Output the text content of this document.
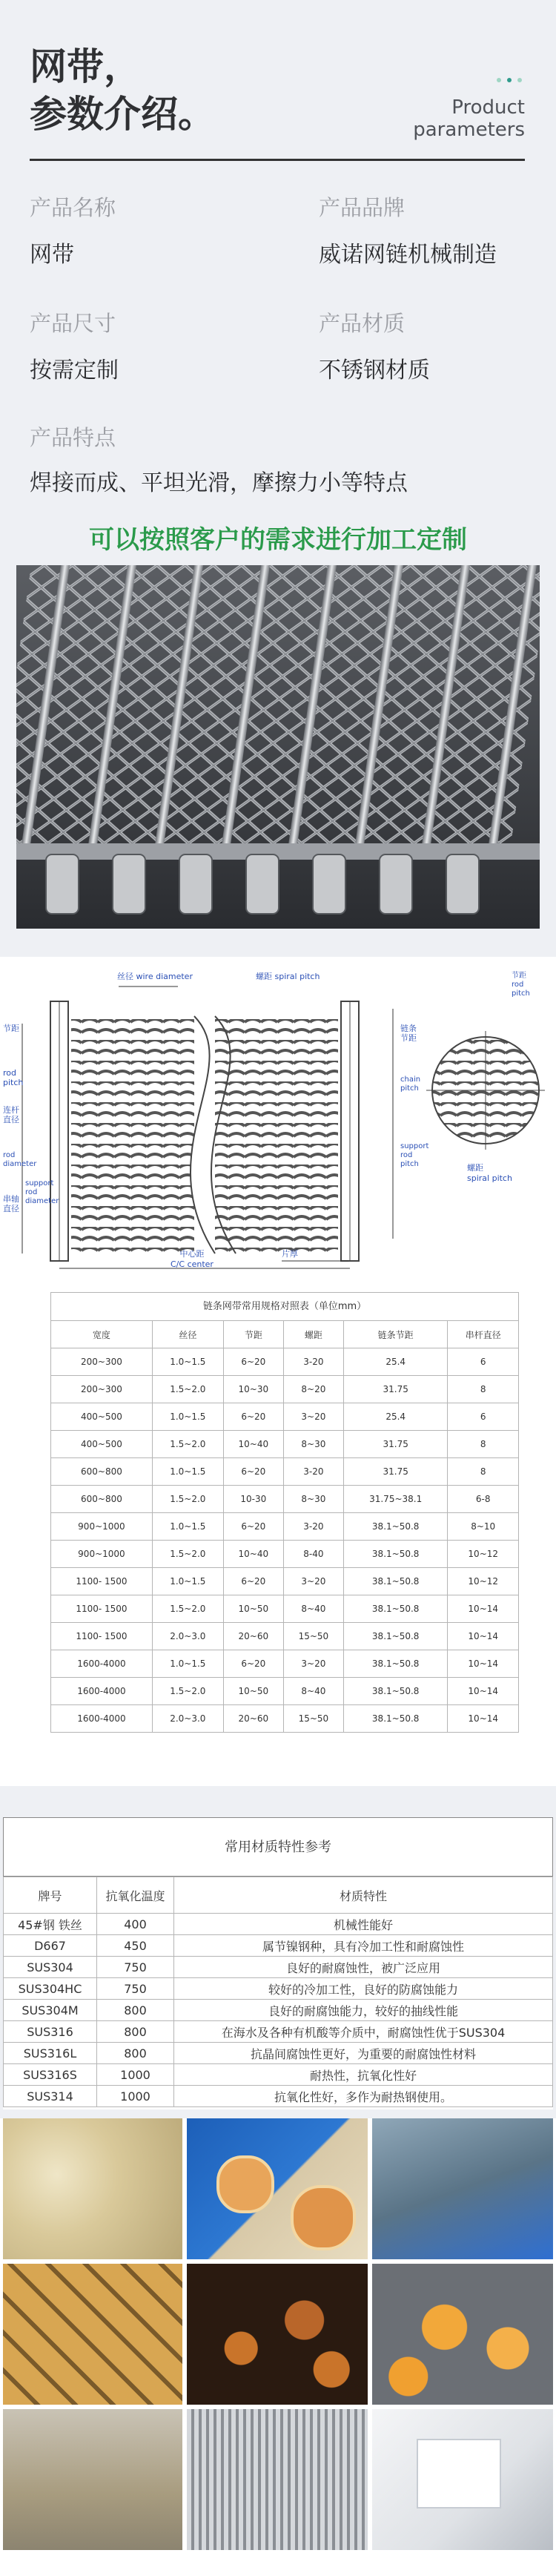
网带，
参数介绍。	Product
parameters
产品名称
网带
产品品牌
威诺网链机械制造
产品尺寸
按需定制
产品材质
不锈钢材质
产品特点
焊接而成、平坦光滑，摩擦力小等特点
可以按照客户的需求进行加工定制
丝径 wire diameter	螺距 spiral pitch
节距
rod pitch
连杆直径
rod diameter
串轴直径
support rod diameter
中心距
C/C center
片厚
链条节距
chain pitch
support rod pitch
节距
rod pitch
螺距
spiral pitch
链条网带常用规格对照表（单位mm）
宽度	丝径	节距	螺距	链条节距	串杆直径
200~300	1.0~1.5	6~20	3-20	25.4	6
200~300	1.5~2.0	10~30	8~20	31.75	8
400~500	1.0~1.5	6~20	3~20	25.4	6
400~500	1.5~2.0	10~40	8~30	31.75	8
600~800	1.0~1.5	6~20	3-20	31.75	8
600~800	1.5~2.0	10-30	8~30	31.75~38.1	6-8
900~1000	1.0~1.5	6~20	3-20	38.1~50.8	8~10
900~1000	1.5~2.0	10~40	8-40	38.1~50.8	10~12
1100- 1500	1.0~1.5	6~20	3~20	38.1~50.8	10~12
1100- 1500	1.5~2.0	10~50	8~40	38.1~50.8	10~14
1100- 1500	2.0~3.0	20~60	15~50	38.1~50.8	10~14
1600-4000	1.0~1.5	6~20	3~20	38.1~50.8	10~14
1600-4000	1.5~2.0	10~50	8~40	38.1~50.8	10~14
1600-4000	2.0~3.0	20~60	15~50	38.1~50.8	10~14
常用材质特性参考
牌号	抗氧化温度	材质特性
45#钢 铁丝	400	机械性能好
D667	450	属节镍钢种，具有冷加工性和耐腐蚀性
SUS304	750	良好的耐腐蚀性，被广泛应用
SUS304HC	750	较好的冷加工性，良好的防腐蚀能力
SUS304M	800	良好的耐腐蚀能力，较好的抽线性能
SUS316	800	在海水及各种有机酸等介质中，耐腐蚀性优于SUS304
SUS316L	800	抗晶间腐蚀性更好，为重要的耐腐蚀性材料
SUS316S	1000	耐热性，抗氧化性好
SUS314	1000	抗氧化性好，多作为耐热钢使用。
